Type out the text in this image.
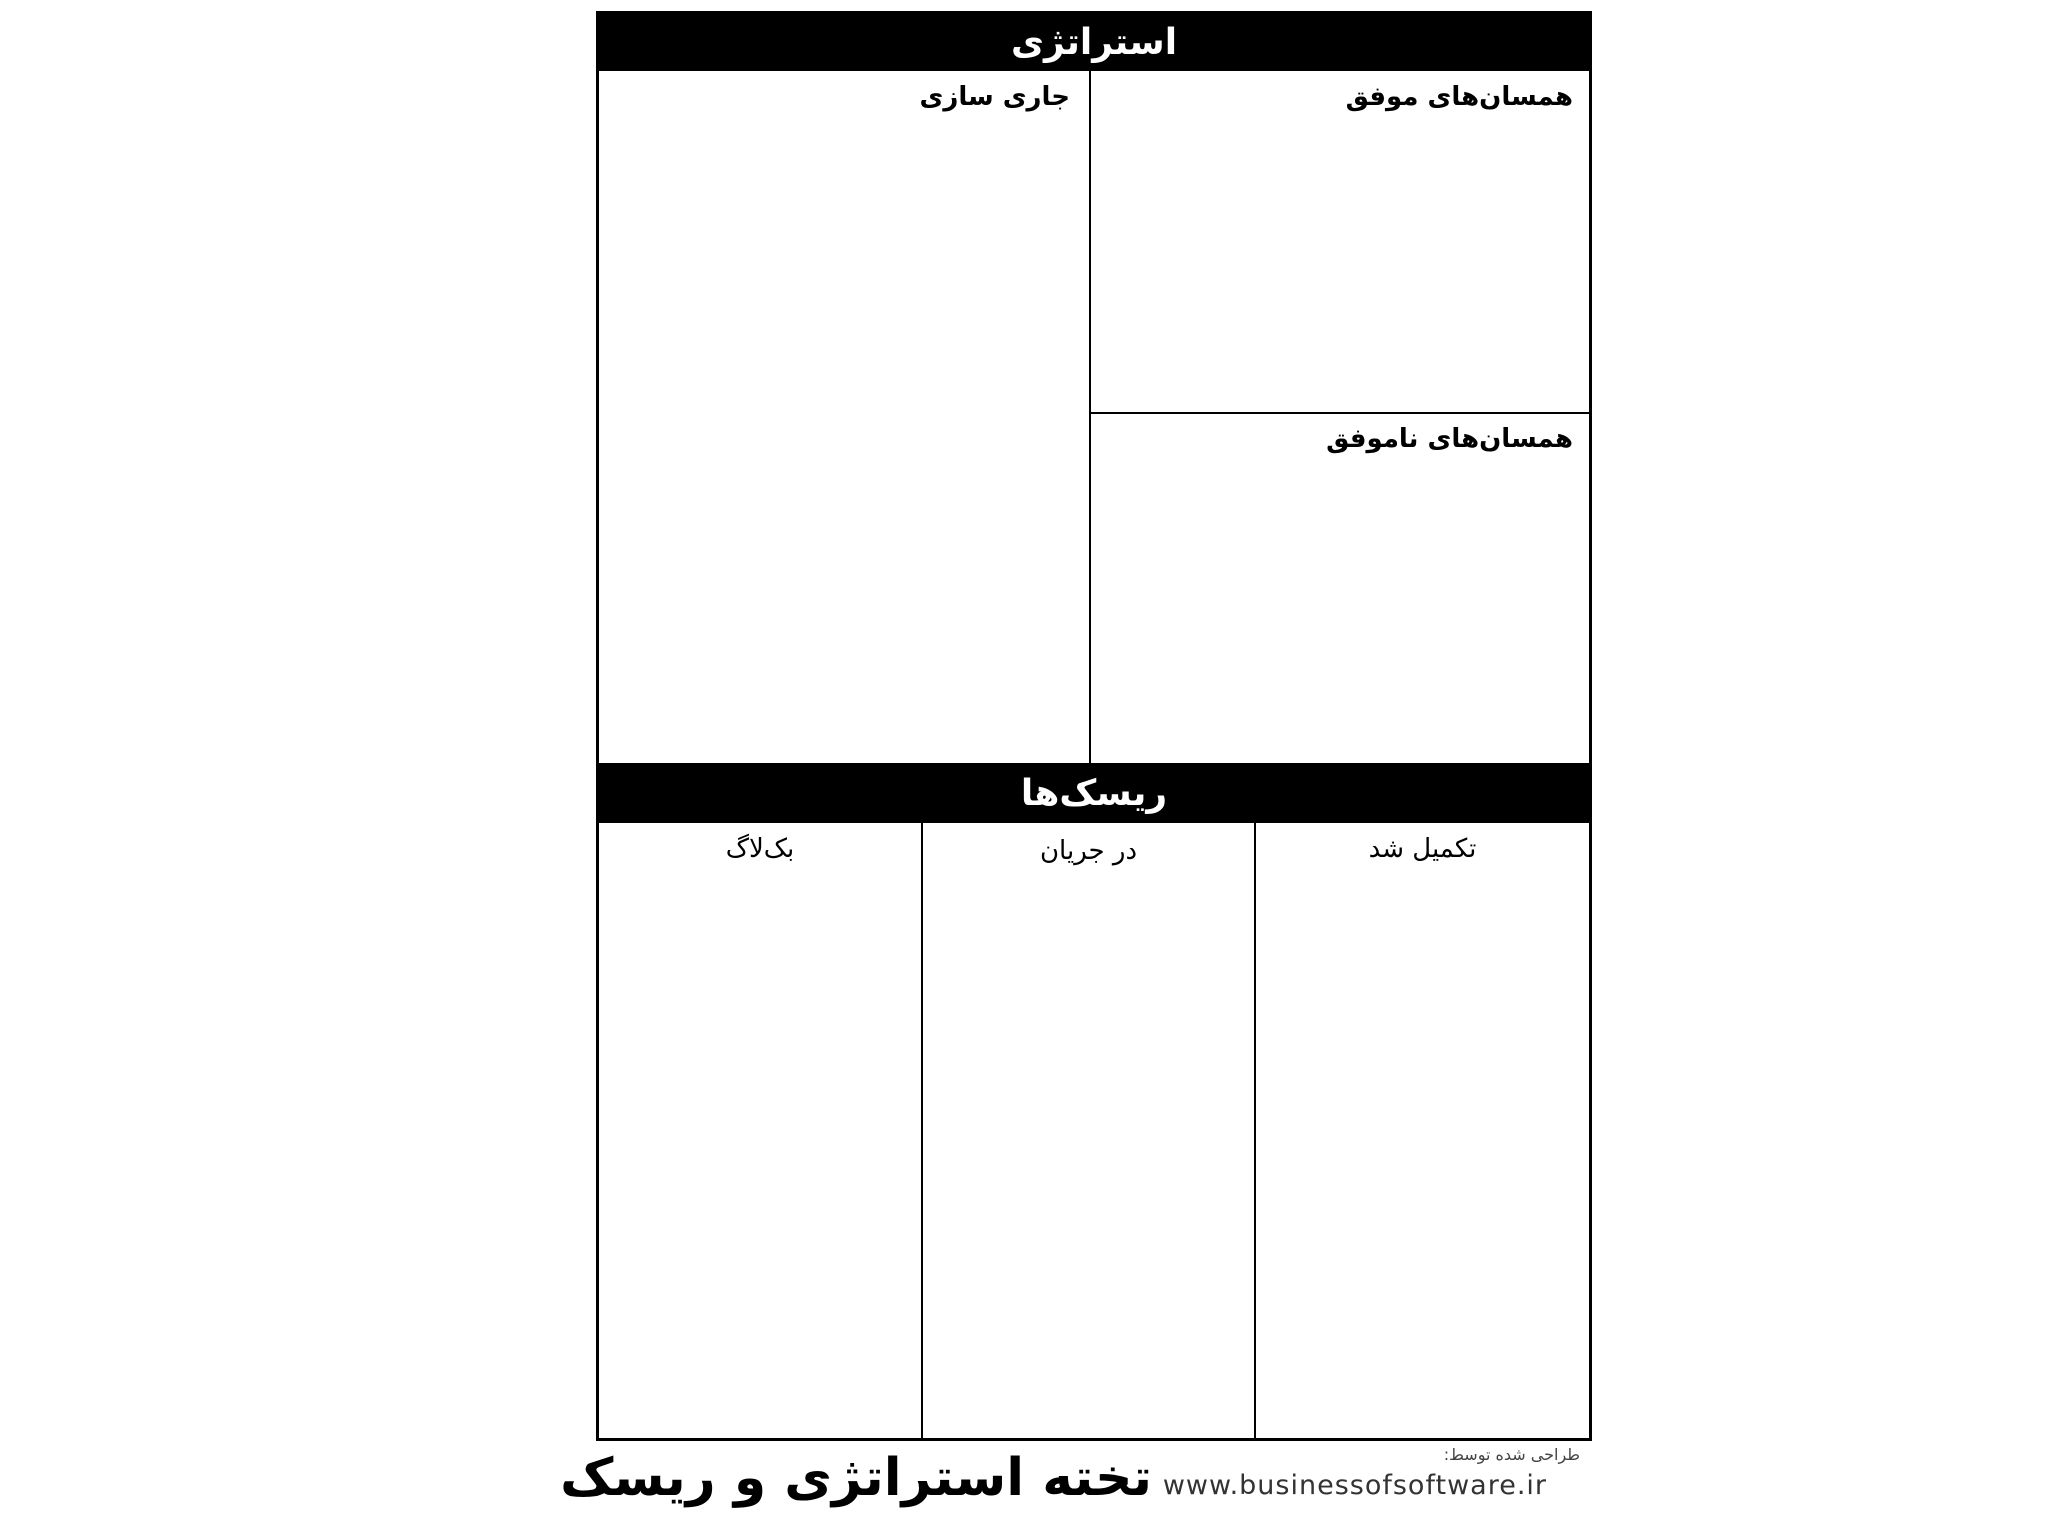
استراتژی
جاری سازی	همسان‌های موفق
همسان‌های ناموفق
ریسک‌ها
بک‌لاگ	در جریان	تکمیل شد
تخته استراتژی و ریسک	طراحی شده توسط:
www.businessofsoftware.ir
